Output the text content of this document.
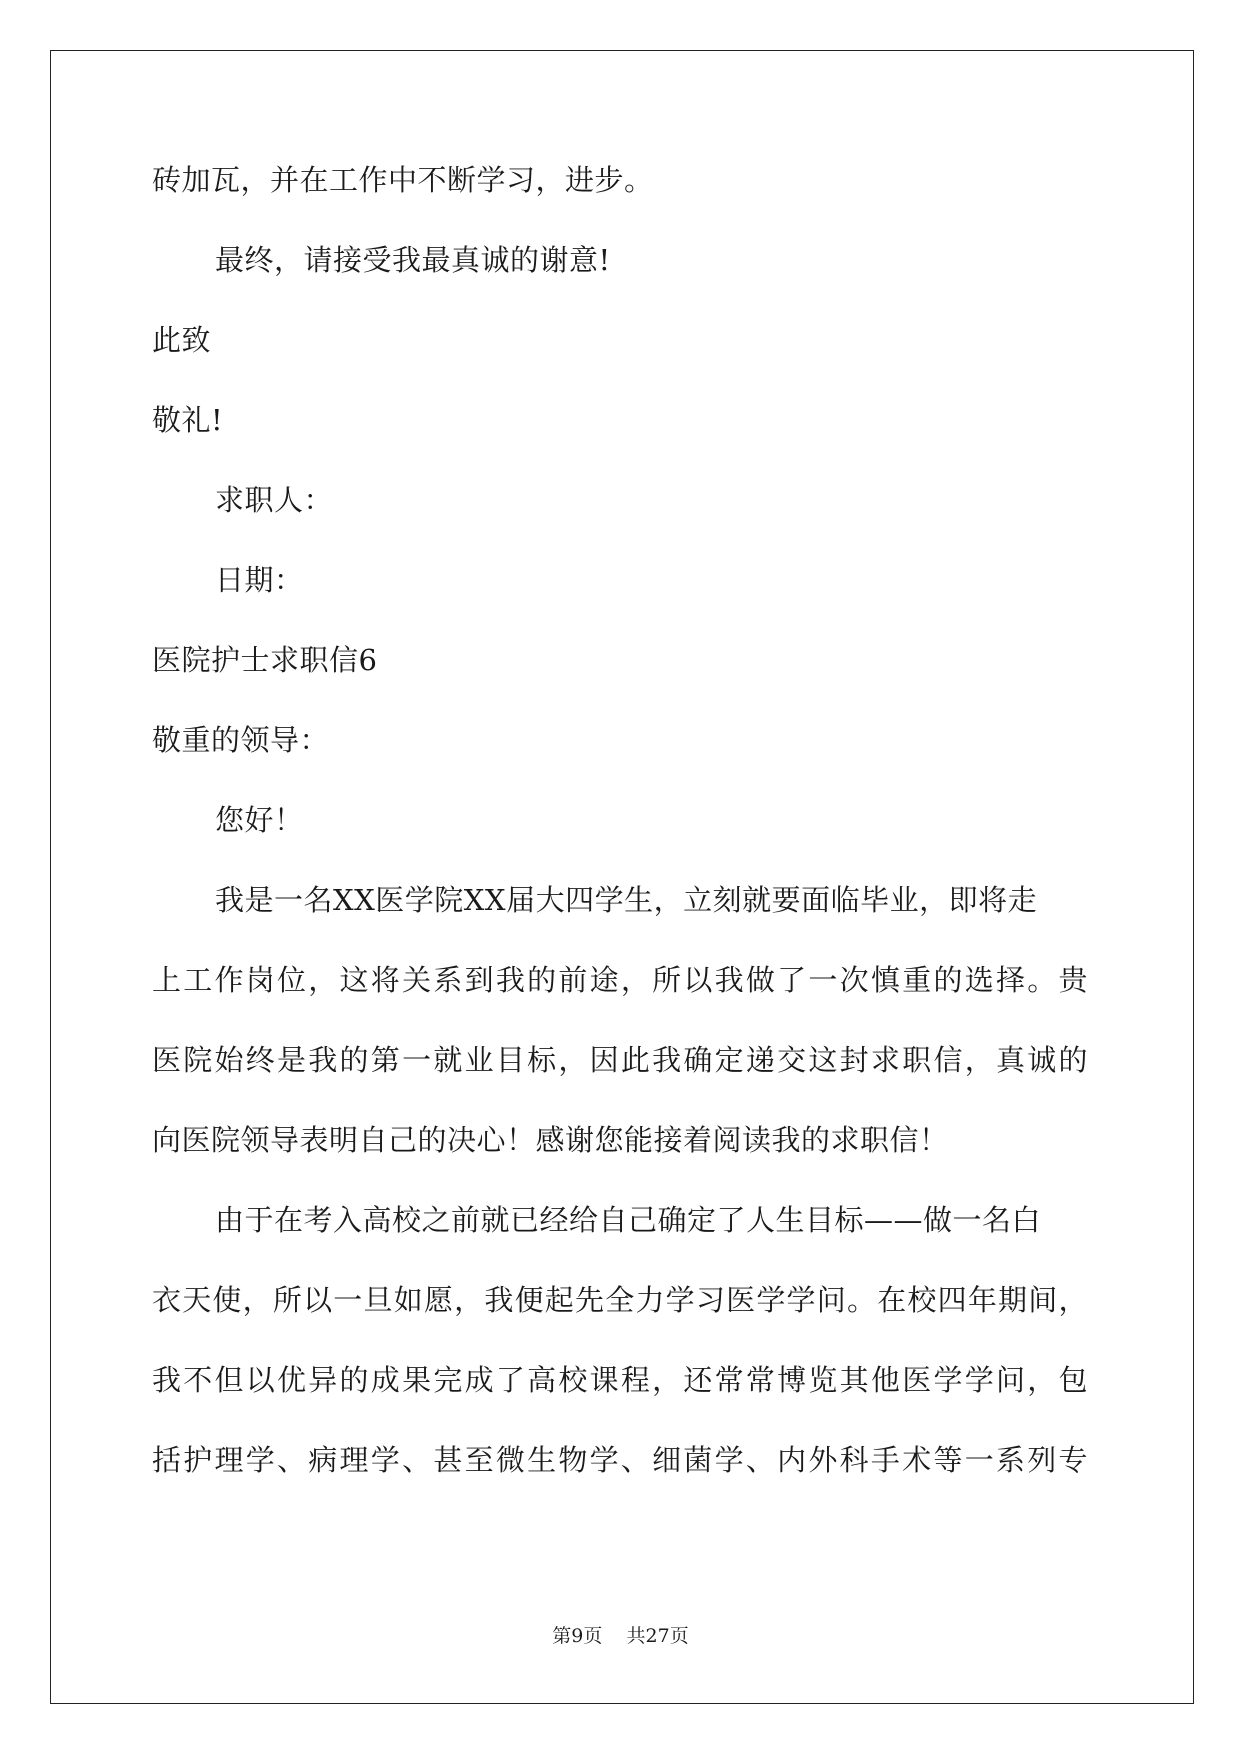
砖加瓦，并在工作中不断学习，进步。
最终，请接受我最真诚的谢意!
此致
敬礼!
求职人：
日期：
医院护士求职信6
敬重的领导：
您好！
我是一名XX医学院XX届大四学生，立刻就要面临毕业，即将走
上工作岗位，这将关系到我的前途，所以我做了一次慎重的选择。贵
医院始终是我的第一就业目标，因此我确定递交这封求职信，真诚的
向医院领导表明自己的决心！感谢您能接着阅读我的求职信！
由于在考入高校之前就已经给自己确定了人生目标——做一名白
衣天使，所以一旦如愿，我便起先全力学习医学学问。在校四年期间，
我不但以优异的成果完成了高校课程，还常常博览其他医学学问，包
括护理学、病理学、甚至微生物学、细菌学、内外科手术等一系列专
第9页    共27页
